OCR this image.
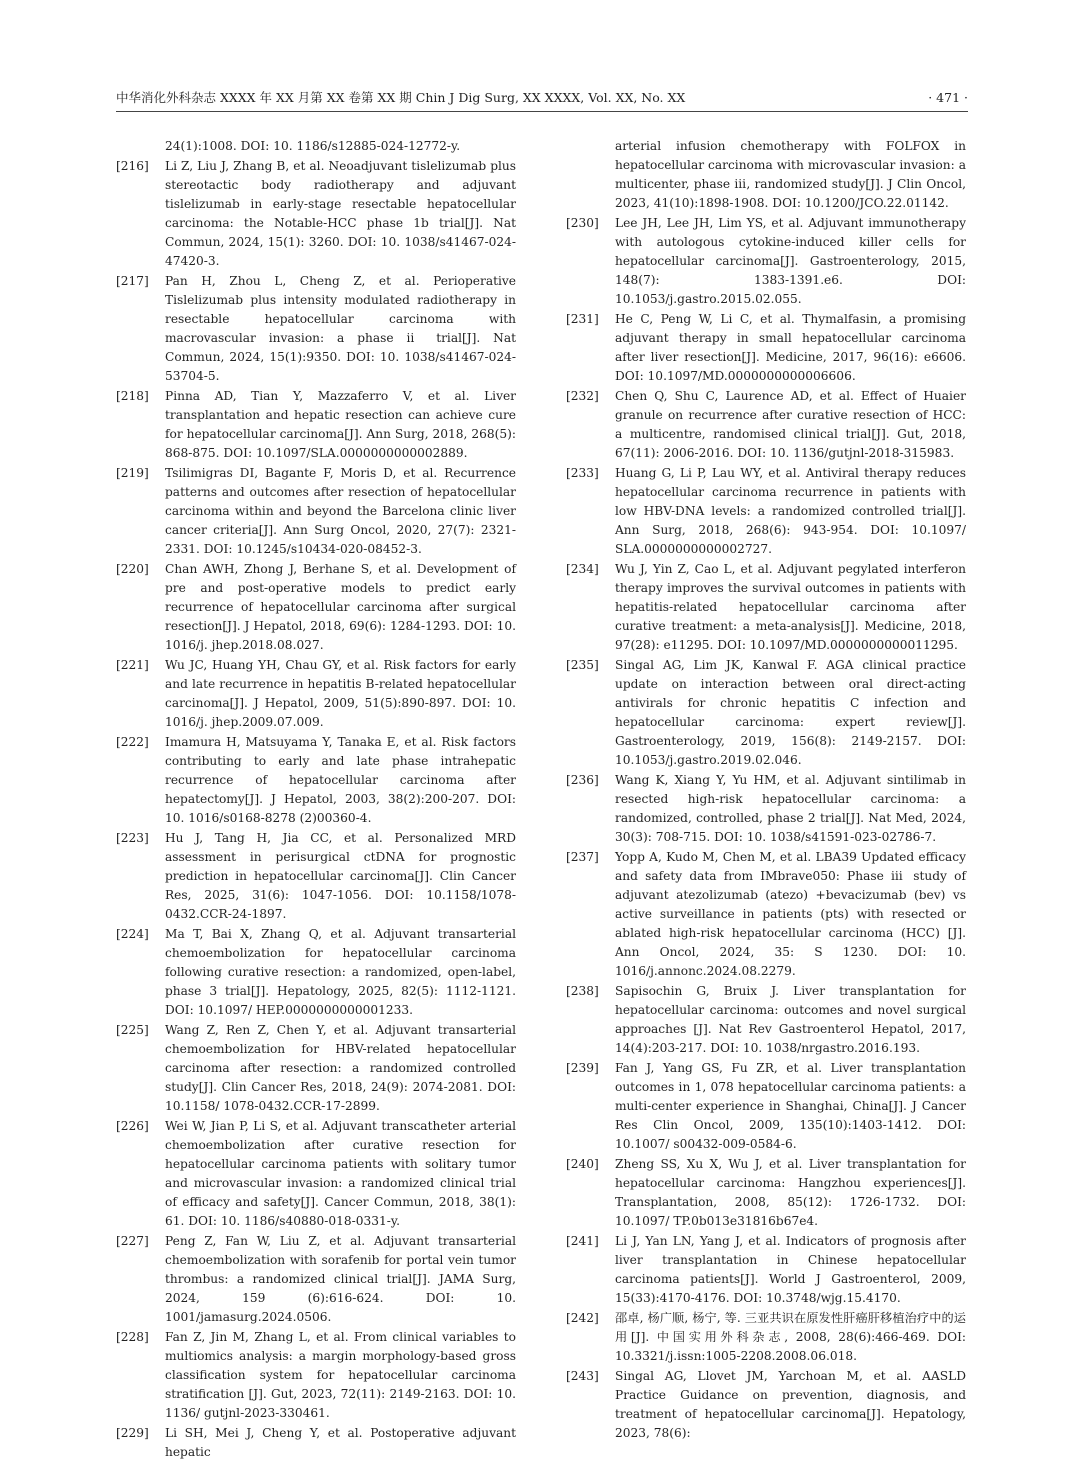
中华消化外科杂志 XXXX 年 XX 月第 XX 卷第 XX 期 Chin J Dig Surg, XX XXXX, Vol. XX, No. XX	· 471 ·
24(1):1008. DOI: 10. 1186/s12885-024-12772-y.
[216] Li Z, Liu J, Zhang B, et al. Neoadjuvant tislelizumab plus stereotactic body radiotherapy and adjuvant tislelizumab in early-stage resectable hepatocellular carcinoma: the Notable-HCC phase 1b trial[J]. Nat Commun, 2024, 15(1): 3260. DOI: 10. 1038/s41467-024-47420-3.
[217] Pan H, Zhou L, Cheng Z, et al. Perioperative Tislelizumab plus intensity modulated radiotherapy in resectable hepatocellular carcinoma with macrovascular invasion: a phase ⅱ trial[J]. Nat Commun, 2024, 15(1):9350. DOI: 10. 1038/s41467-024-53704-5.
[218] Pinna AD, Tian Y, Mazzaferro V, et al. Liver transplantation and hepatic resection can achieve cure for hepatocellular carcinoma[J]. Ann Surg, 2018, 268(5): 868-875. DOI: 10.1097/SLA.0000000000002889.
[219] Tsilimigras DI, Bagante F, Moris D, et al. Recurrence patterns and outcomes after resection of hepatocellular carcinoma within and beyond the Barcelona clinic liver cancer criteria[J]. Ann Surg Oncol, 2020, 27(7): 2321-2331. DOI: 10.1245/s10434-020-08452-3.
[220] Chan AWH, Zhong J, Berhane S, et al. Development of pre and post-operative models to predict early recurrence of hepatocellular carcinoma after surgical resection[J]. J Hepatol, 2018, 69(6): 1284-1293. DOI: 10. 1016/j. jhep.2018.08.027.
[221] Wu JC, Huang YH, Chau GY, et al. Risk factors for early and late recurrence in hepatitis B-related hepatocellular carcinoma[J]. J Hepatol, 2009, 51(5):890-897. DOI: 10. 1016/j. jhep.2009.07.009.
[222] Imamura H, Matsuyama Y, Tanaka E, et al. Risk factors contributing to early and late phase intrahepatic recurrence of hepatocellular carcinoma after hepatectomy[J]. J Hepatol, 2003, 38(2):200-207. DOI: 10. 1016/s0168-8278 (2)00360-4.
[223] Hu J, Tang H, Jia CC, et al. Personalized MRD assessment in perisurgical ctDNA for prognostic prediction in hepatocellular carcinoma[J]. Clin Cancer Res, 2025, 31(6): 1047-1056. DOI: 10.1158/1078-0432.CCR-24-1897.
[224] Ma T, Bai X, Zhang Q, et al. Adjuvant transarterial chemoembolization for hepatocellular carcinoma following curative resection: a randomized, open-label, phase 3 trial[J]. Hepatology, 2025, 82(5): 1112-1121. DOI: 10.1097/ HEP.0000000000001233.
[225] Wang Z, Ren Z, Chen Y, et al. Adjuvant transarterial chemoembolization for HBV-related hepatocellular carcinoma after resection: a randomized controlled study[J]. Clin Cancer Res, 2018, 24(9): 2074-2081. DOI: 10.1158/ 1078-0432.CCR-17-2899.
[226] Wei W, Jian P, Li S, et al. Adjuvant transcatheter arterial chemoembolization after curative resection for hepatocellular carcinoma patients with solitary tumor and microvascular invasion: a randomized clinical trial of efficacy and safety[J]. Cancer Commun, 2018, 38(1): 61. DOI: 10. 1186/s40880-018-0331-y.
[227] Peng Z, Fan W, Liu Z, et al. Adjuvant transarterial chemoembolization with sorafenib for portal vein tumor thrombus: a randomized clinical trial[J]. JAMA Surg, 2024, 159 (6):616-624. DOI: 10. 1001/jamasurg.2024.0506.
[228] Fan Z, Jin M, Zhang L, et al. From clinical variables to multiomics analysis: a margin morphology-based gross classification system for hepatocellular carcinoma stratification [J]. Gut, 2023, 72(11): 2149-2163. DOI: 10. 1136/ gutjnl-2023-330461.
[229] Li SH, Mei J, Cheng Y, et al. Postoperative adjuvant hepatic
arterial infusion chemotherapy with FOLFOX in hepatocellular carcinoma with microvascular invasion: a multicenter, phase ⅲ, randomized study[J]. J Clin Oncol, 2023, 41(10):1898-1908. DOI: 10.1200/JCO.22.01142.
[230] Lee JH, Lee JH, Lim YS, et al. Adjuvant immunotherapy with autologous cytokine-induced killer cells for hepatocellular carcinoma[J]. Gastroenterology, 2015, 148(7): 1383-1391.e6. DOI: 10.1053/j.gastro.2015.02.055.
[231] He C, Peng W, Li C, et al. Thymalfasin, a promising adjuvant therapy in small hepatocellular carcinoma after liver resection[J]. Medicine, 2017, 96(16): e6606. DOI: 10.1097/MD.0000000000006606.
[232] Chen Q, Shu C, Laurence AD, et al. Effect of Huaier granule on recurrence after curative resection of HCC: a multicentre, randomised clinical trial[J]. Gut, 2018, 67(11): 2006-2016. DOI: 10. 1136/gutjnl-2018-315983.
[233] Huang G, Li P, Lau WY, et al. Antiviral therapy reduces hepatocellular carcinoma recurrence in patients with low HBV-DNA levels: a randomized controlled trial[J]. Ann Surg, 2018, 268(6): 943-954. DOI: 10.1097/ SLA.0000000000002727.
[234] Wu J, Yin Z, Cao L, et al. Adjuvant pegylated interferon therapy improves the survival outcomes in patients with hepatitis-related hepatocellular carcinoma after curative treatment: a meta-analysis[J]. Medicine, 2018, 97(28): e11295. DOI: 10.1097/MD.0000000000011295.
[235] Singal AG, Lim JK, Kanwal F. AGA clinical practice update on interaction between oral direct-acting antivirals for chronic hepatitis C infection and hepatocellular carcinoma: expert review[J]. Gastroenterology, 2019, 156(8): 2149-2157. DOI: 10.1053/j.gastro.2019.02.046.
[236] Wang K, Xiang Y, Yu HM, et al. Adjuvant sintilimab in resected high-risk hepatocellular carcinoma: a randomized, controlled, phase 2 trial[J]. Nat Med, 2024, 30(3): 708-715. DOI: 10. 1038/s41591-023-02786-7.
[237] Yopp A, Kudo M, Chen M, et al. LBA39 Updated efficacy and safety data from IMbrave050: Phase ⅲ study of adjuvant atezolizumab (atezo) +bevacizumab (bev) vs active surveillance in patients (pts) with resected or ablated high-risk hepatocellular carcinoma (HCC) [J]. Ann Oncol, 2024, 35: S 1230. DOI: 10. 1016/j.annonc.2024.08.2279.
[238] Sapisochin G, Bruix J. Liver transplantation for hepatocellular carcinoma: outcomes and novel surgical approaches [J]. Nat Rev Gastroenterol Hepatol, 2017, 14(4):203-217. DOI: 10. 1038/nrgastro.2016.193.
[239] Fan J, Yang GS, Fu ZR, et al. Liver transplantation outcomes in 1, 078 hepatocellular carcinoma patients: a multi-center experience in Shanghai, China[J]. J Cancer Res Clin Oncol, 2009, 135(10):1403-1412. DOI: 10.1007/ s00432-009-0584-6.
[240] Zheng SS, Xu X, Wu J, et al. Liver transplantation for hepatocellular carcinoma: Hangzhou experiences[J]. Transplantation, 2008, 85(12): 1726-1732. DOI: 10.1097/ TP.0b013e31816b67e4.
[241] Li J, Yan LN, Yang J, et al. Indicators of prognosis after liver transplantation in Chinese hepatocellular carcinoma patients[J]. World J Gastroenterol, 2009, 15(33):4170-4176. DOI: 10.3748/wjg.15.4170.
[242] 邵卓, 杨广顺, 杨宁, 等. 三亚共识在原发性肝癌肝移植治疗中的运用[J]. 中国实用外科杂志, 2008, 28(6):466-469. DOI: 10.3321/j.issn:1005-2208.2008.06.018.
[243] Singal AG, Llovet JM, Yarchoan M, et al. AASLD Practice Guidance on prevention, diagnosis, and treatment of hepatocellular carcinoma[J]. Hepatology, 2023, 78(6):
